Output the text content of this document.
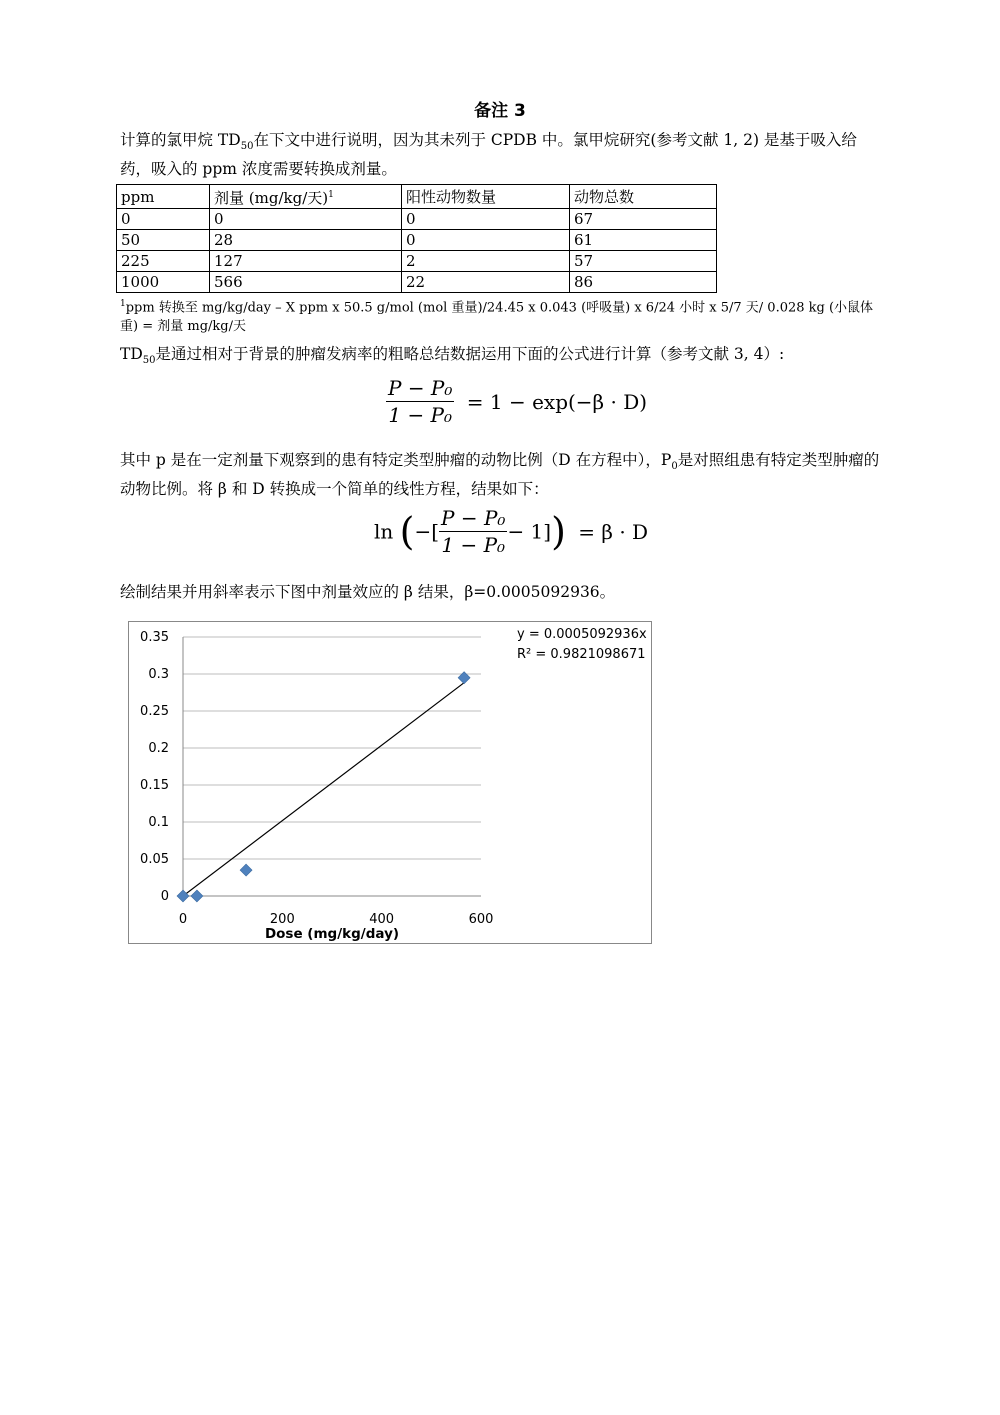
备注 3
计算的氯甲烷 $TD_{50}$在下文中进行说明，因为其未列于 CPDB 中。氯甲烷研究(参考文献 1, 2) 是基于吸入给药，吸入的 ppm 浓度需要转换成剂量。
ppm	剂量 (mg/kg/天)$^1$	阳性动物数量	动物总数
0	0	0	67
50	28	0	61
225	127	2	57
1000	566	22	86
$^1$ppm 转换至 mg/kg/day – X ppm x 50.5 g/mol (mol 重量)/24.45 x 0.043 (呼吸量) x 6/24 小时 x 5/7 天/ 0.028 kg (小鼠体重) = 剂量 mg/kg/天
$TD_{50}$是通过相对于背景的肿瘤发病率的粗略总结数据运用下面的公式进行计算（参考文献 3, 4）:
$\frac{\text{P − P₀}}{\text{1 − P₀}} = 1 - \exp(-\beta \cdot D)$
其中 p 是在一定剂量下观察到的患有特定类型肿瘤的动物比例（D 在方程中），$P_0$是对照组患有特定类型肿瘤的动物比例。将 β 和 D 转换成一个简单的线性方程，结果如下：
ln (−[ $\frac{\text{P − P₀}}{\text{1 − P₀}} - 1]) = \beta \cdot D$
绘制结果并用斜率表示下图中剂量效应的 β 结果，β=0.0005092936。
0
0.05
0.1
0.15
0.2
0.25
0.3
0.35
0	200	400	600
Dose (mg/kg/day)
y = 0.0005092936x
R² = 0.9821098671
